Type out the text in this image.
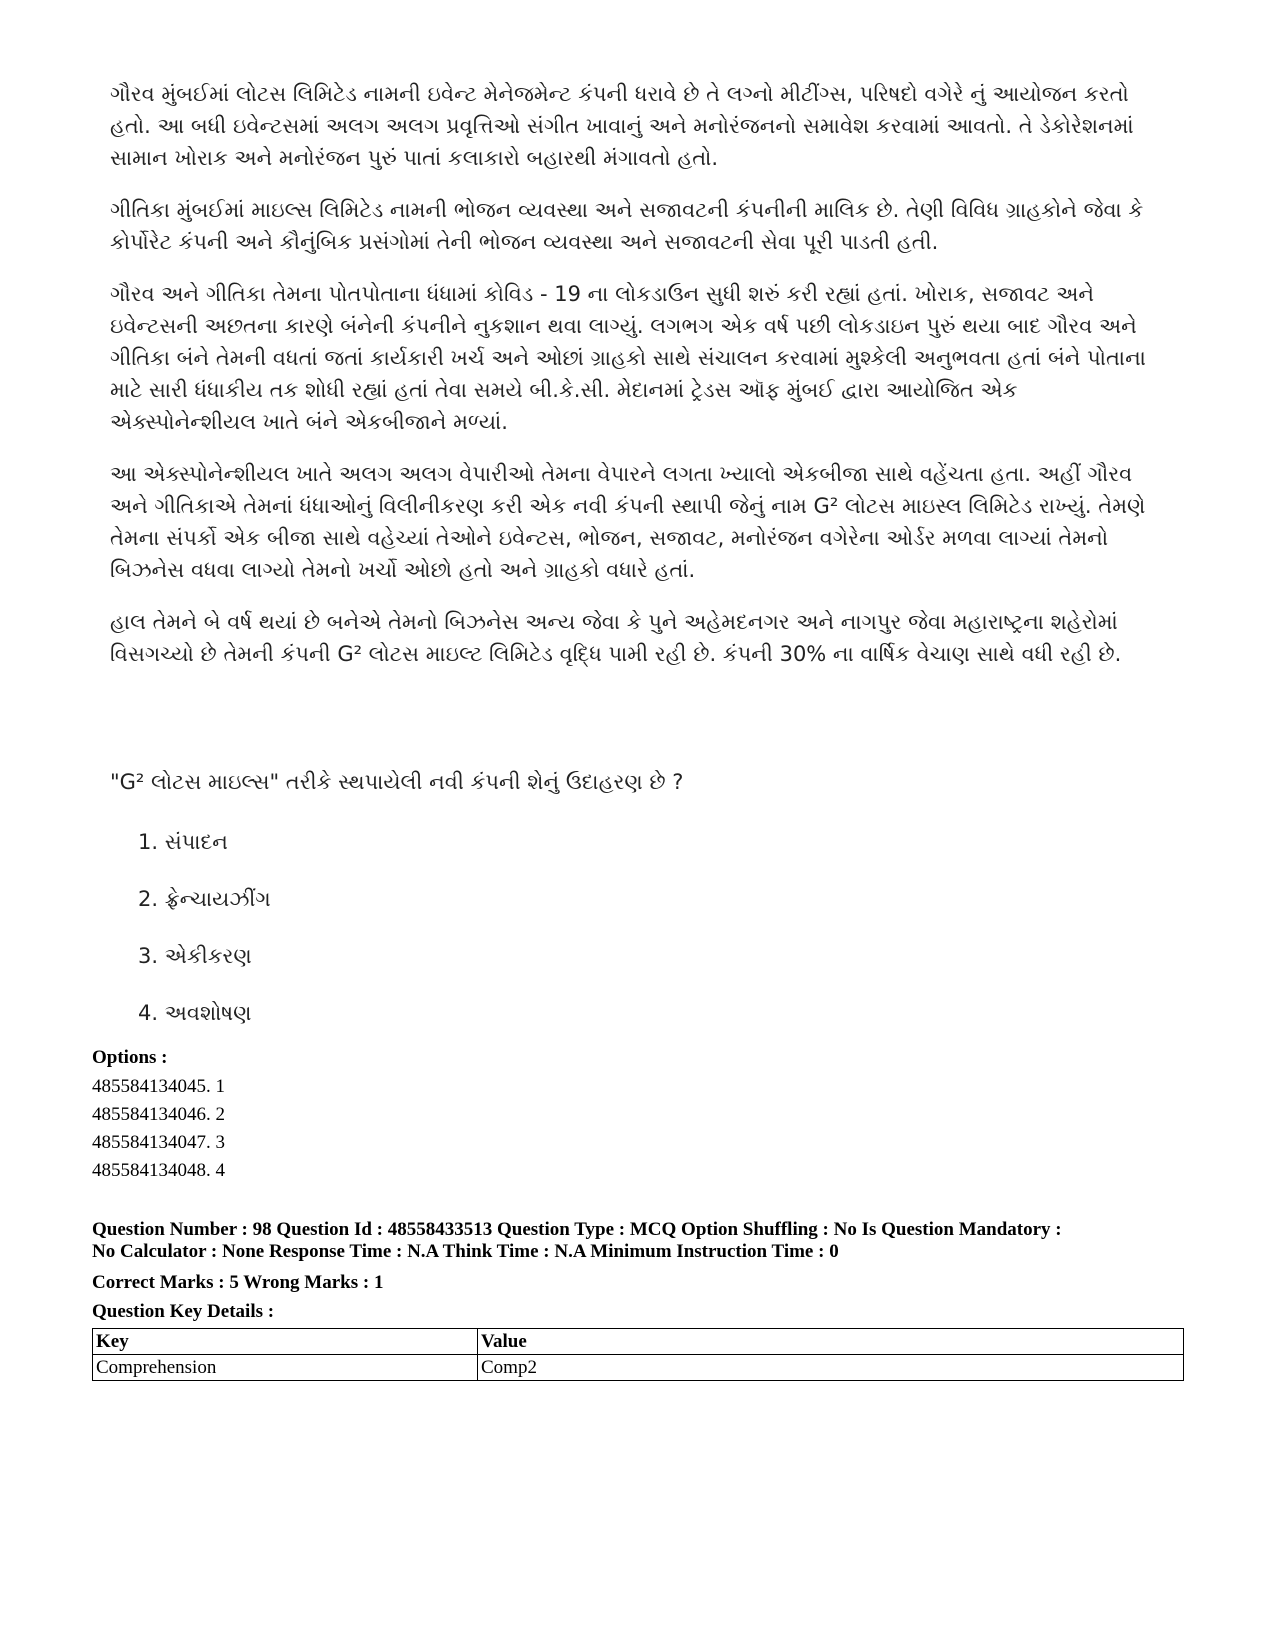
ગૌરવ મુંબઈમાં લોટસ લિમિટેડ નામની ઇવેન્ટ મેનેજમેન્ટ કંપની ધરાવે છે તે લગ્નો મીટીંગ્સ, પરિષદો વગેરે નું આયોજન કરતો હતો. આ બધી ઇવેન્ટસમાં અલગ અલગ પ્રવૃત્તિઓ સંગીત ખાવાનું અને મનોરંજનનો સમાવેશ કરવામાં આવતો. તે ડેકોરેશનમાં સામાન ખોરાક અને મનોરંજન પુરું પાતાં કલાકારો બહારથી મંગાવતો હતો.

ગીતિકા મુંબઈમાં માઇલ્સ લિમિટેડ નામની ભોજન વ્યવસ્થા અને સજાવટની કંપનીની માલિક છે. તેણી વિવિધ ગ્રાહકોને જેવા કે કોર્પોરેટ કંપની અને કૌનુંબિક પ્રસંગોમાં તેની ભોજન વ્યવસ્થા અને સજાવટની સેવા પૂરી પાડતી હતી.

ગૌરવ અને ગીતિકા તેમના પોતપોતાના ધંધામાં કોવિડ - 19 ના લોકડાઉન સુધી શરું કરી રહ્યાં હતાં. ખોરાક, સજાવટ અને ઇવેન્ટસની અછતના કારણે બંનેની કંપનીને નુકશાન થવા લાગ્યું. લગભગ એક વર્ષ પછી લોકડાઇન પુરું થયા બાદ ગૌરવ અને ગીતિકા બંને તેમની વધતાં જતાં કાર્યકારી ખર્ચ અને ઓછાં ગ્રાહકો સાથે સંચાલન કરવામાં મુશ્કેલી અનુભવતા હતાં બંને પોતાના માટે સારી ધંધાકીય તક શોધી રહ્યાં હતાં તેવા સમયે બી.કે.સી. મેદાનમાં ટ્રેડસ ઑફ મુંબઈ દ્વારા આયોજિત એક એક્સ્પોનેન્શીયલ ખાતે બંને એકબીજાને મળ્યાં.

આ એક્સ્પોનેન્શીયલ ખાતે અલગ અલગ વેપારીઓ તેમના વેપારને લગતા ખ્યાલો એકબીજા સાથે વહેંચતા હતા. અહીં ગૌરવ અને ગીતિકાએ તેમનાં ધંધાઓનું વિલીનીકરણ કરી એક નવી કંપની સ્થાપી જેનું નામ G² લોટસ માઇસ્લ લિમિટેડ રાખ્યું. તેમણે તેમના સંપર્કો એક બીજા સાથે વહેચ્યાં તેઓને ઇવેન્ટસ, ભોજન, સજાવટ, મનોરંજન વગેરેના ઓર્ડર મળવા લાગ્યાં તેમનો બિઝનેસ વધવા લાગ્યો તેમનો ખર્ચો ઓછો હતો અને ગ્રાહકો વધારે હતાં.

હાલ તેમને બે વર્ષ થયાં છે બનેએ તેમનો બિઝનેસ અન્ય જેવા કે પુને અહેમદનગર અને નાગપુર જેવા મહારાષ્ટ્રના શહેરોમાં વિસગચ્યો છે તેમની કંપની G² લોટસ માઇલ્ટ લિમિટેડ વૃદ્ધિ પામી રહી છે. કંપની 30% ના વાર્ષિક વેચાણ સાથે વધી રહી છે.

"G² લોટસ માઇલ્સ" તરીકે સ્થપાયેલી નવી કંપની શેનું ઉદાહરણ છે ?
1. સંપાદન
2. ફ્રેન્ચાયઝીંગ
3. એકીકરણ
4. અવશોષણ
Options :
485584134045. 1
485584134046. 2
485584134047. 3
485584134048. 4
Question Number : 98 Question Id : 48558433513 Question Type : MCQ Option Shuffling : No Is Question Mandatory :
No Calculator : None Response Time : N.A Think Time : N.A Minimum Instruction Time : 0
Correct Marks : 5 Wrong Marks : 1
Question Key Details :
Key	Value
Comprehension	Comp2
